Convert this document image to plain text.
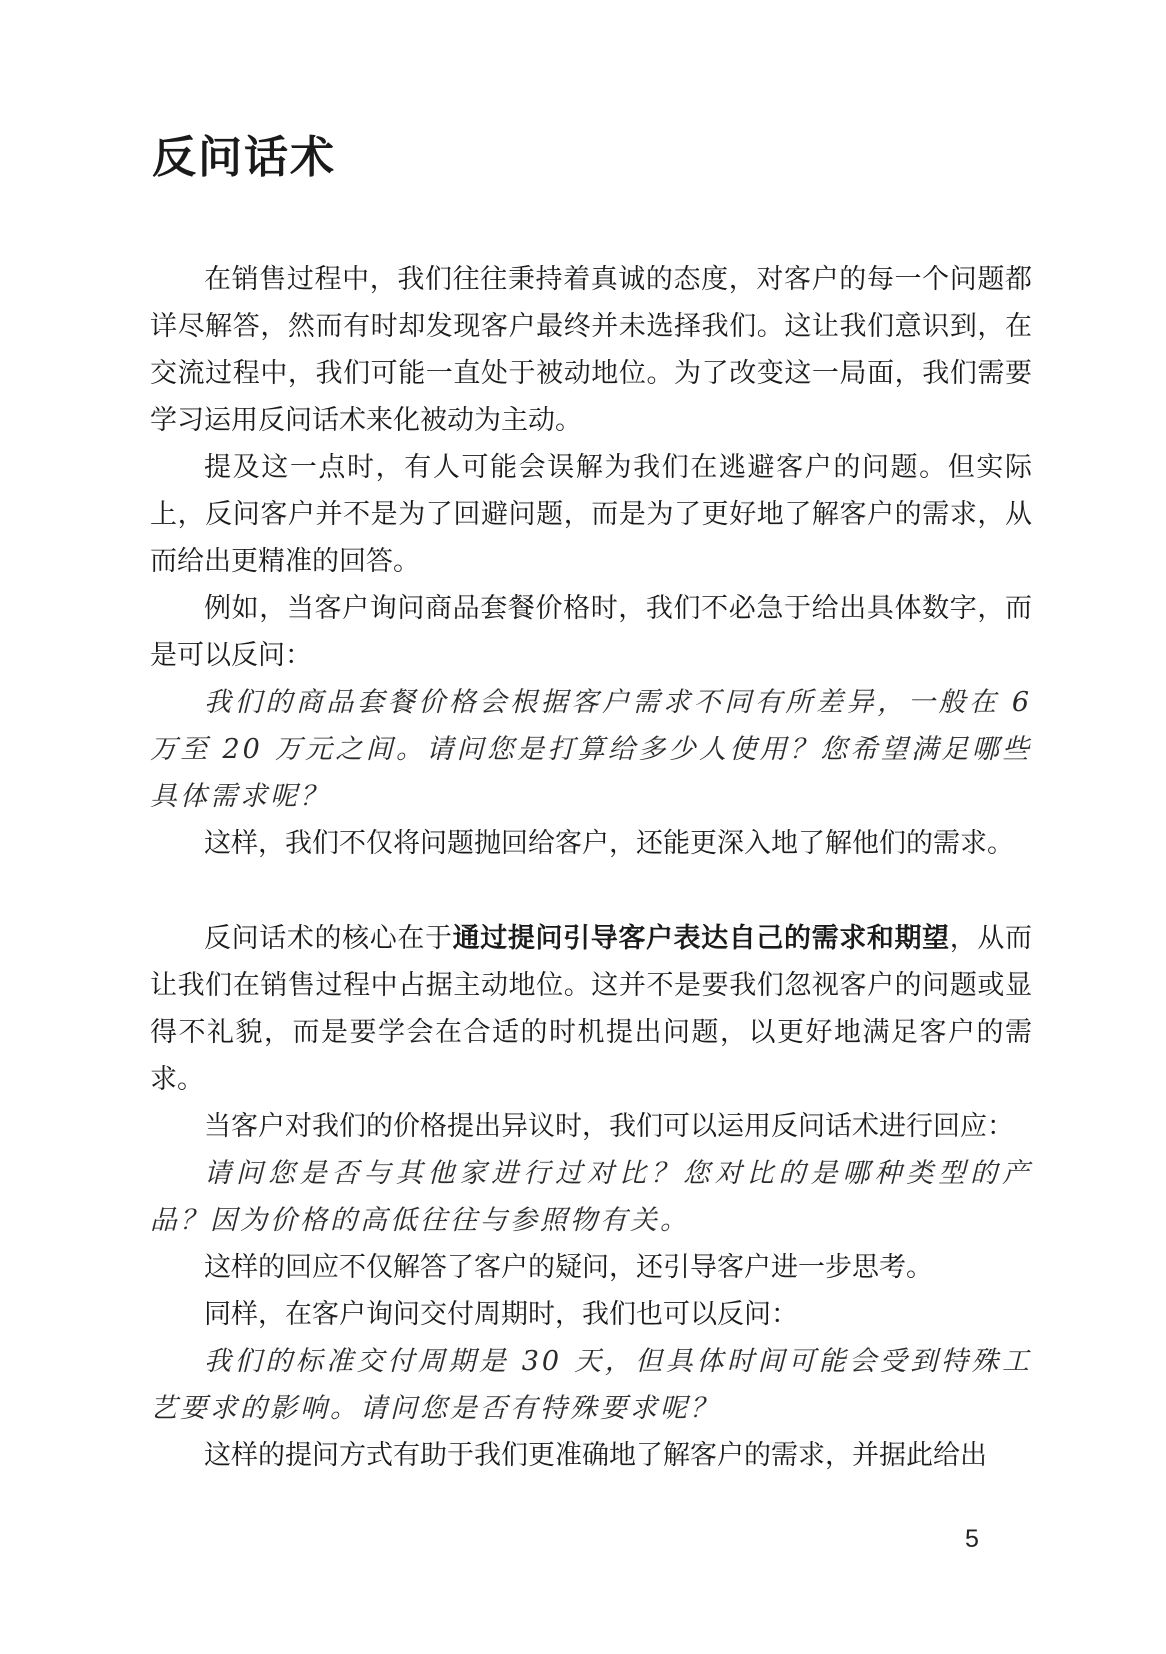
反问话术

在销售过程中，我们往往秉持着真诚的态度，对客户的每一个问题都详尽解答，然而有时却发现客户最终并未选择我们。这让我们意识到，在交流过程中，我们可能一直处于被动地位。为了改变这一局面，我们需要学习运用反问话术来化被动为主动。

提及这一点时，有人可能会误解为我们在逃避客户的问题。但实际上，反问客户并不是为了回避问题，而是为了更好地了解客户的需求，从而给出更精准的回答。

例如，当客户询问商品套餐价格时，我们不必急于给出具体数字，而是可以反问：

我们的商品套餐价格会根据客户需求不同有所差异，一般在 6 万至 20 万元之间。请问您是打算给多少人使用？您希望满足哪些具体需求呢？

这样，我们不仅将问题抛回给客户，还能更深入地了解他们的需求。

反问话术的核心在于通过提问引导客户表达自己的需求和期望，从而让我们在销售过程中占据主动地位。这并不是要我们忽视客户的问题或显得不礼貌，而是要学会在合适的时机提出问题，以更好地满足客户的需求。

当客户对我们的价格提出异议时，我们可以运用反问话术进行回应：

请问您是否与其他家进行过对比？您对比的是哪种类型的产品？因为价格的高低往往与参照物有关。

这样的回应不仅解答了客户的疑问，还引导客户进一步思考。

同样，在客户询问交付周期时，我们也可以反问：

我们的标准交付周期是 30 天，但具体时间可能会受到特殊工艺要求的影响。请问您是否有特殊要求呢？

这样的提问方式有助于我们更准确地了解客户的需求，并据此给出

5
